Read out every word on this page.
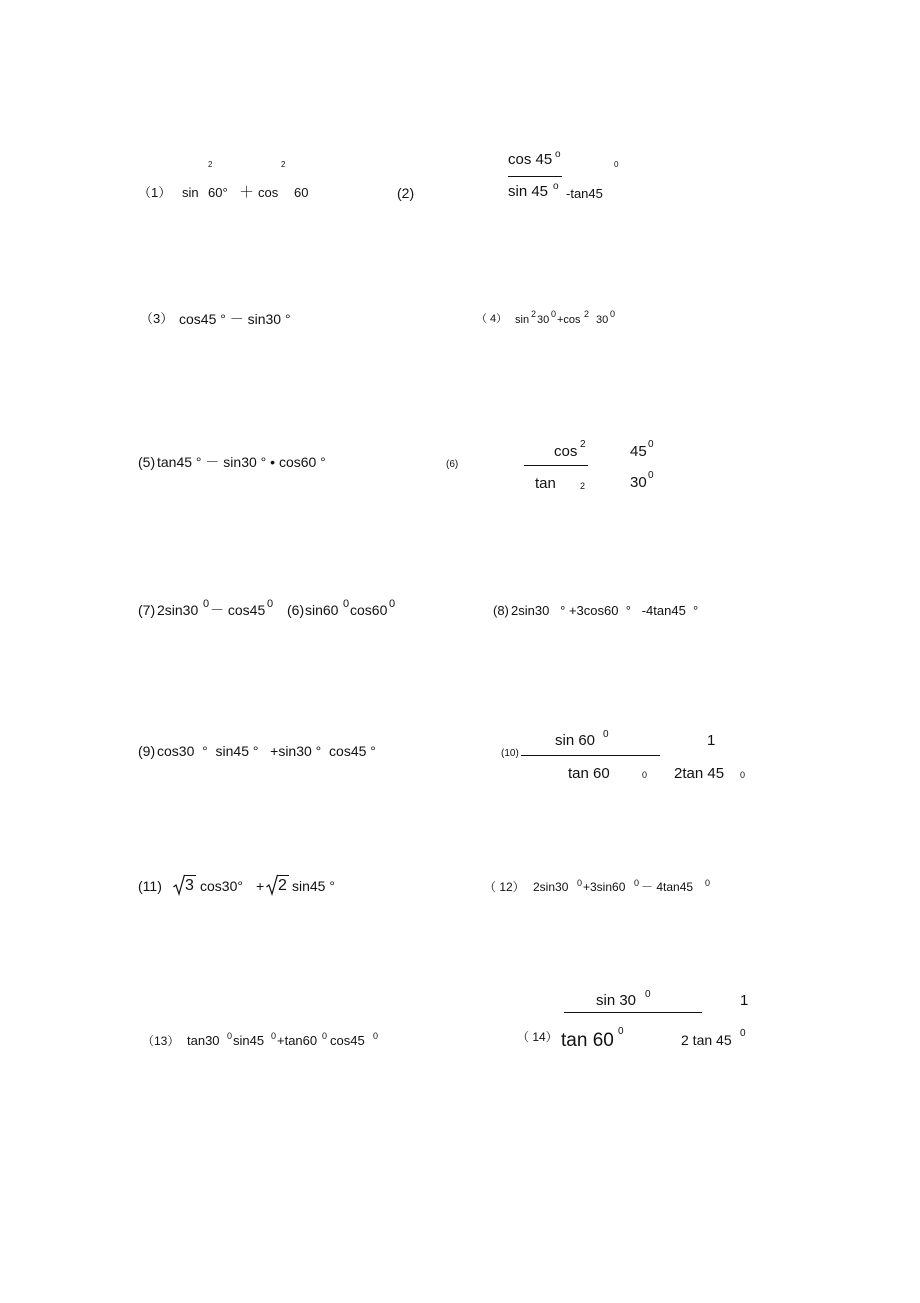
（1） sin
2
60° ＋ cos
2
60	(2)
cos 45 o
sin 45 o -tan45
0
（3） cos45 ° － sin30 °	（ 4） sin 2 30 0 +cos 2 30 0
(5) tan45 ° － sin30 ° • cos60 °	(6)
cos 2	45 0
tan	2	30 0
(7) 2sin30 0 － cos45 0 (6) sin60 0 cos60 0	(8) 2sin30   ° +3cos60  °   -4tan45  °
(9) cos30  °  sin45 °   +sin30 °  cos45 °	(10)
sin 60 0
tan 60	0
1
2tan 45 0
(11) 3 cos30° + 2 sin45 °	（ 12） 2sin30 0 +3sin60 0 － 4tan45 0
（13） tan30 0 sin45 0 +tan60 0 cos45 0	（ 14）
sin 30 0	1
tan 60 0
2 tan 45 0
